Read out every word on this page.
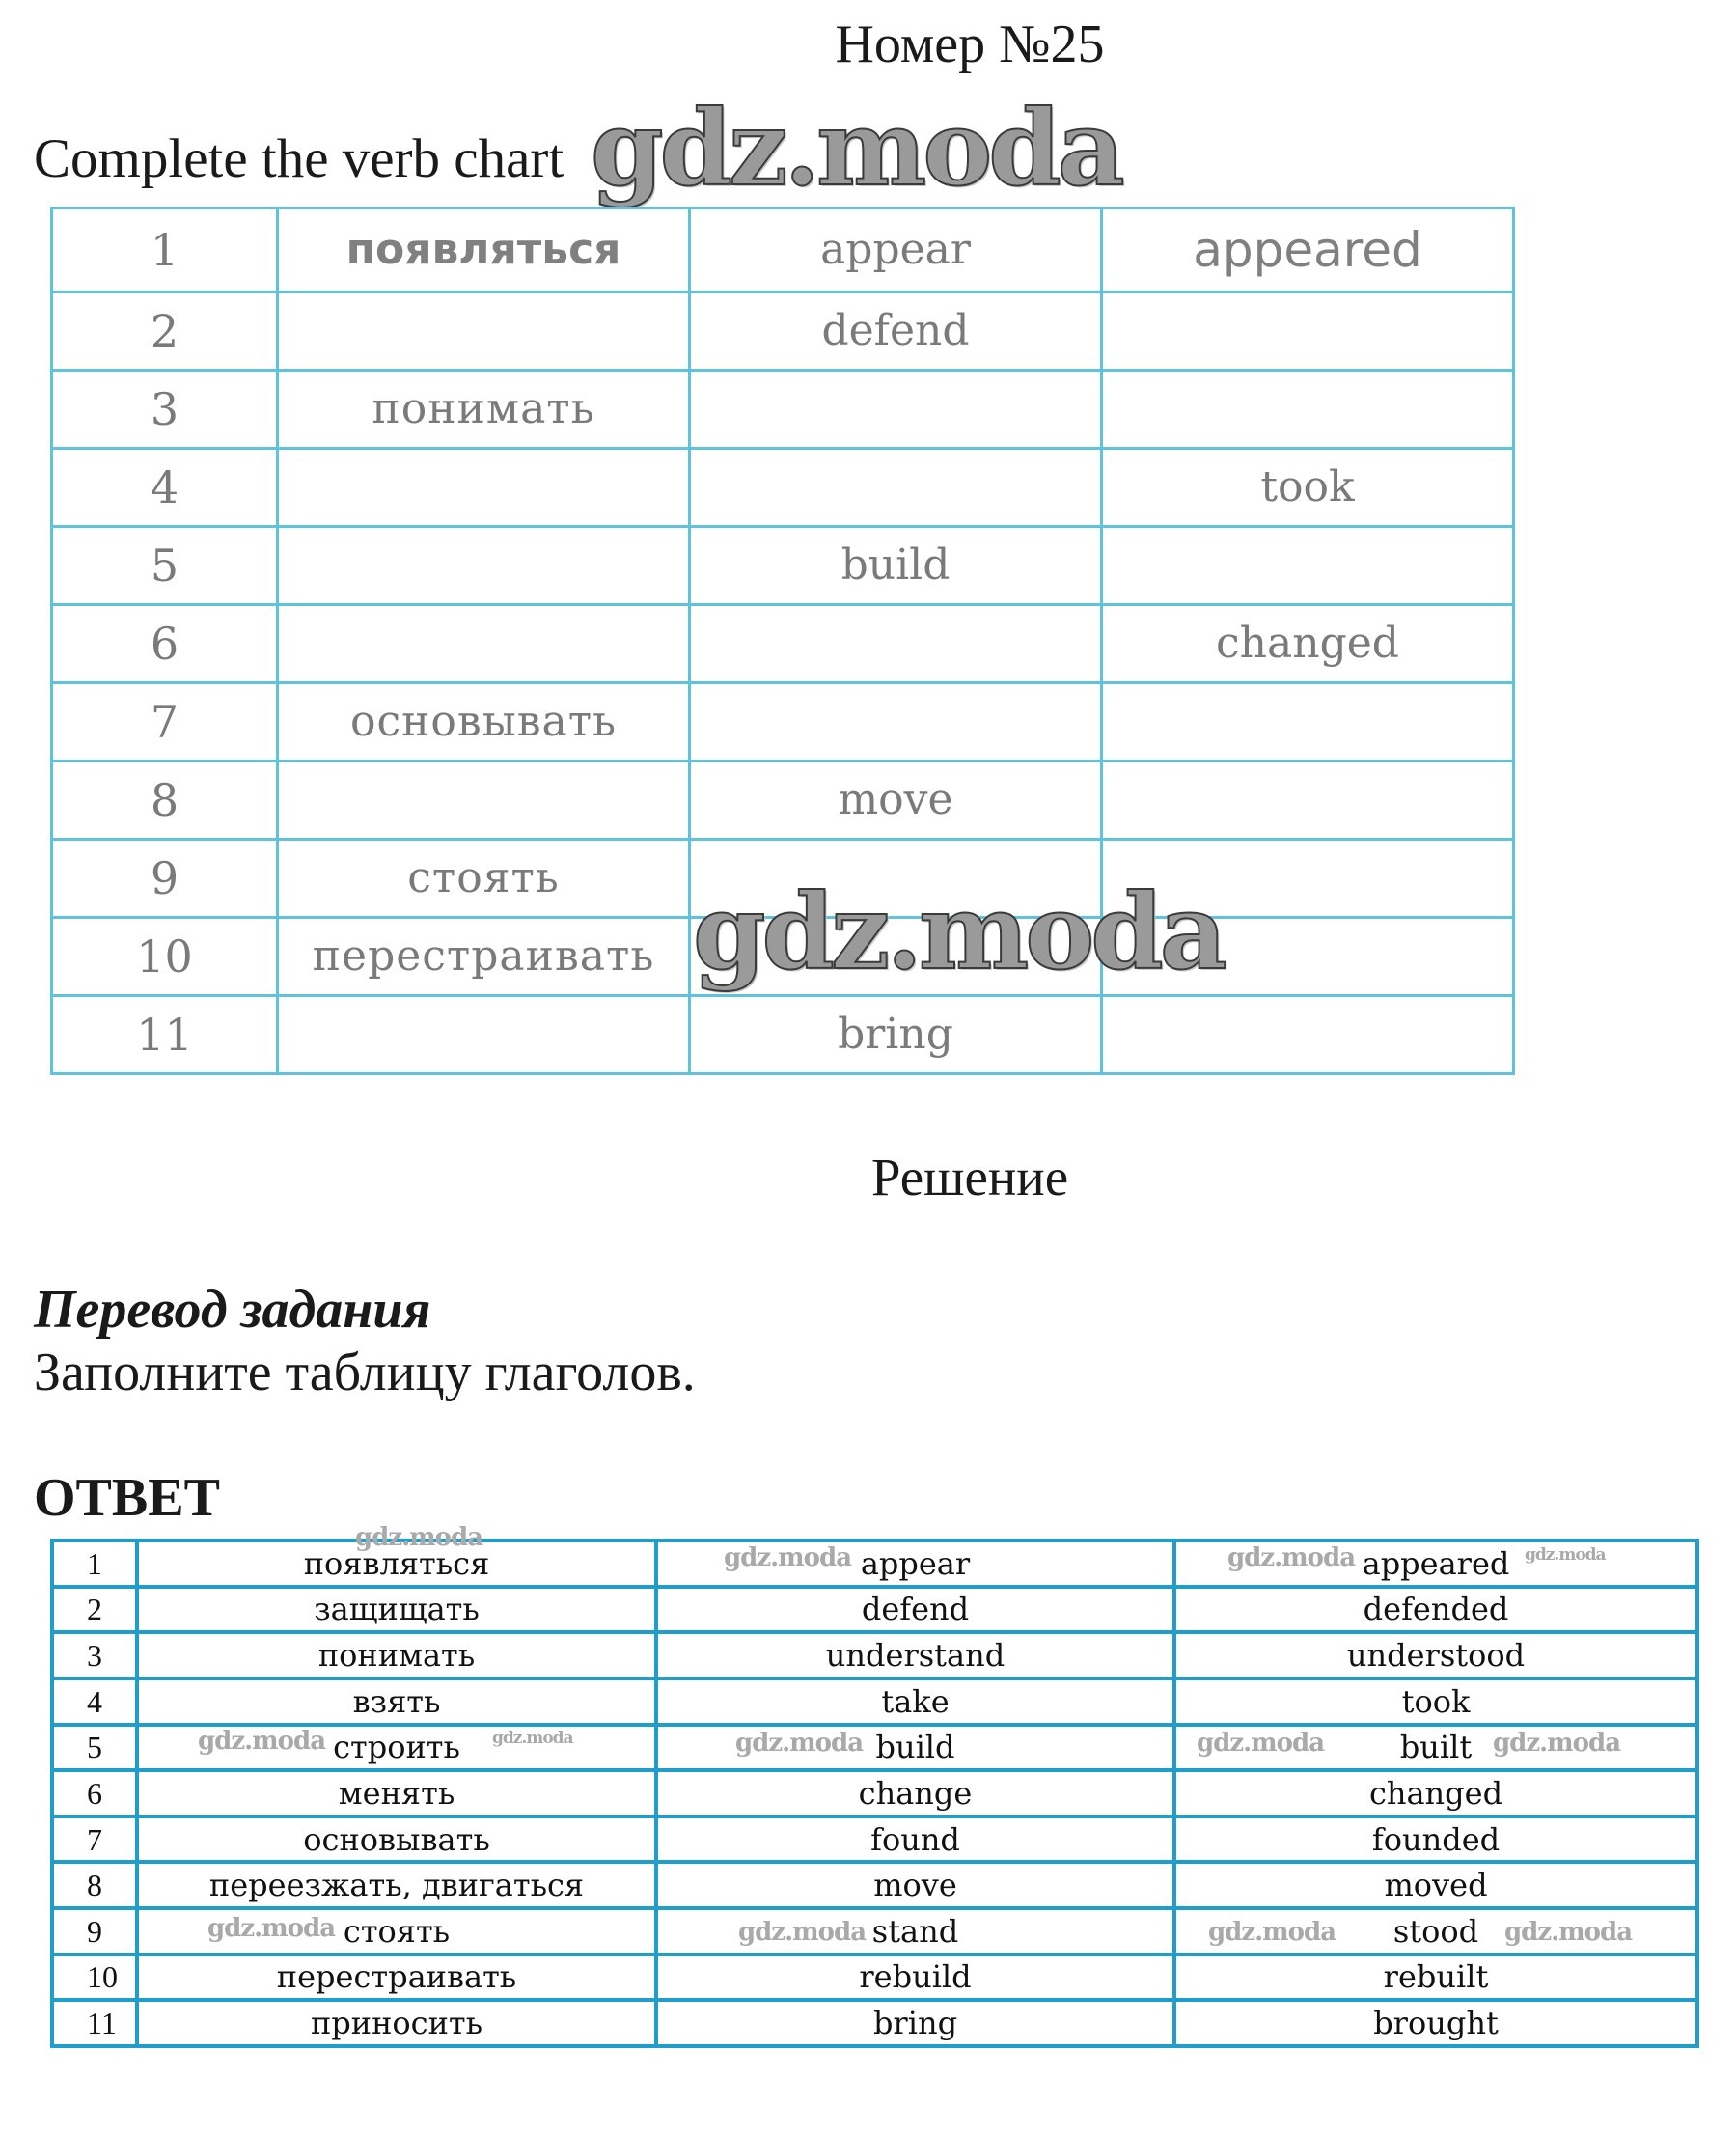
Номер №25
Complete the verb chart gdz.moda
1	появляться	appear	appeared
2		defend	
3	понимать		
4			took
5		build	
6			changed
7	основывать		
8		move	
9	стоять		
10	перестраивать		
11		bring	
gdz.moda
Решение
Перевод задания
Заполните таблицу глаголов.
ОТВЕТ
1	появляться	appear	appeared
2	защищать	defend	defended
3	понимать	understand	understood
4	взять	take	took
5	строить	build	built
6	менять	change	changed
7	основывать	found	founded
8	переезжать, двигаться	move	moved
9	стоять	stand	stood
10	перестраивать	rebuild	rebuilt
11	приносить	bring	brought
gdz.moda
gdz.moda	gdz.moda	gdz.moda
gdz.moda	gdz.moda	gdz.moda	gdz.moda	gdz.moda
gdz.moda	gdz.moda	gdz.moda	gdz.moda
